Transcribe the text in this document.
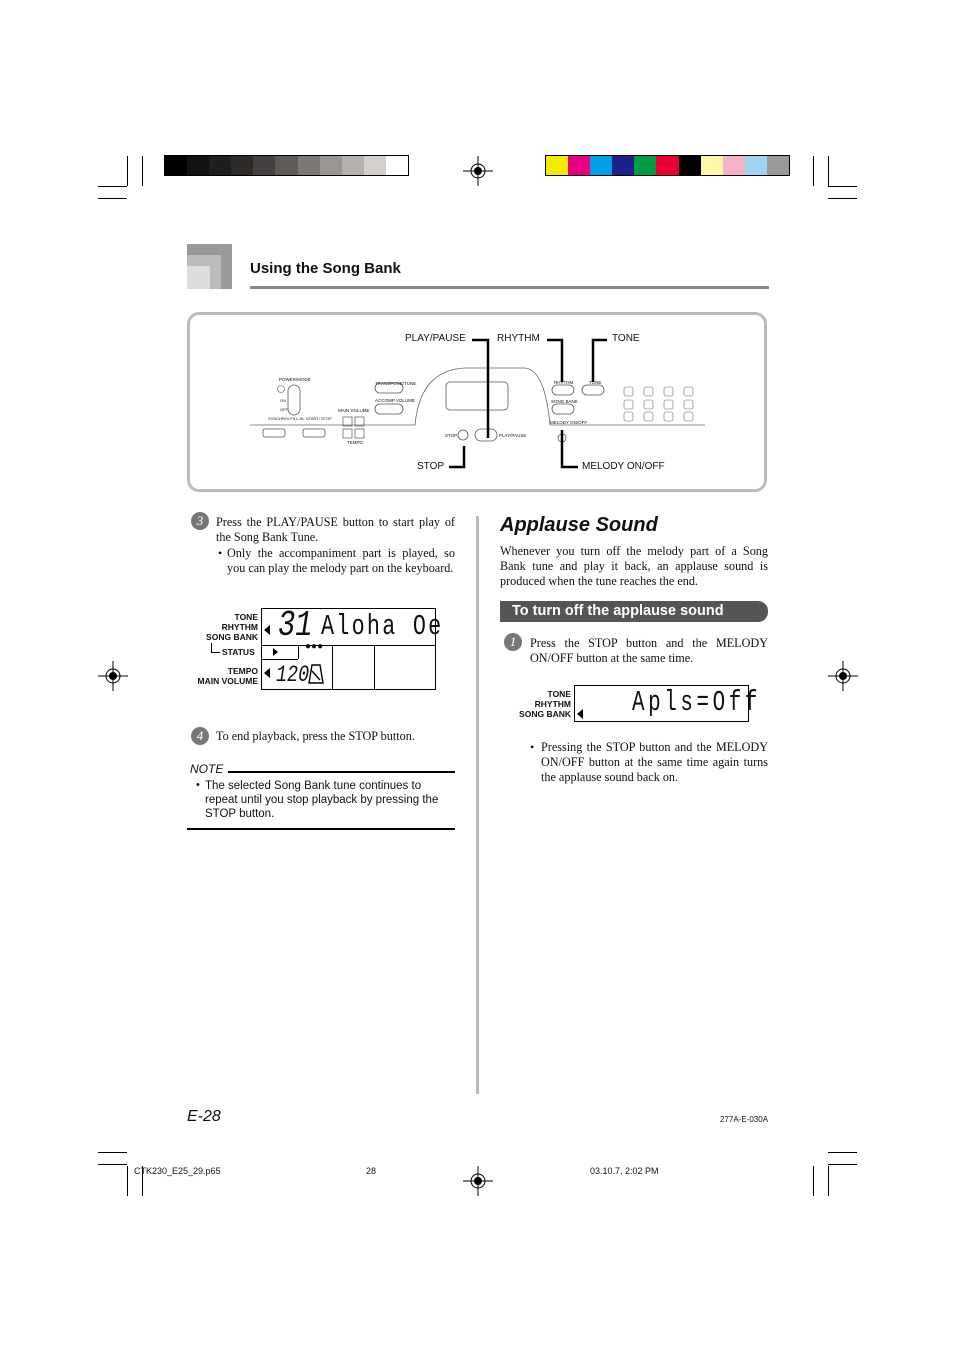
Using the Song Bank
POWER/MODE
TRANSPOSE/TUNE
ACCOMP VOLUME
MAIN VOLUME
TEMPO
RHYTHM	TONE
SONG BANK
MELODY ON/OFF
STOP	PLAY/PAUSE
SYNCHRO/ FILL-IN START/ STOP
ON
OFF
PLAY/PAUSE	RHYTHM	TONE
STOP	MELODY ON/OFF
3	Press the PLAY/PAUSE button to start play of the Song Bank Tune.
• Only the accompaniment part is played, so you can play the melody part on the keyboard.
TONE
RHYTHM
SONG BANK
STATUS
TEMPO
MAIN VOLUME
●●●
31 Aloha Oe
120
4	To end playback, press the STOP button.
NOTE
• The selected Song Bank tune continues to repeat until you stop playback by pressing the STOP button.
Applause Sound
Whenever you turn off the melody part of a Song Bank tune and play it back, an applause sound is produced when the tune reaches the end.
To turn off the applause sound
1	Press the STOP button and the MELODY ON/OFF button at the same time.
TONE
RHYTHM
SONG BANK Apls=Off
• Pressing the STOP button and the MELODY ON/OFF button at the same time again turns the applause sound back on.
E-28	277A-E-030A
CTK230_E25_29.p65	28	03.10.7, 2:02 PM
